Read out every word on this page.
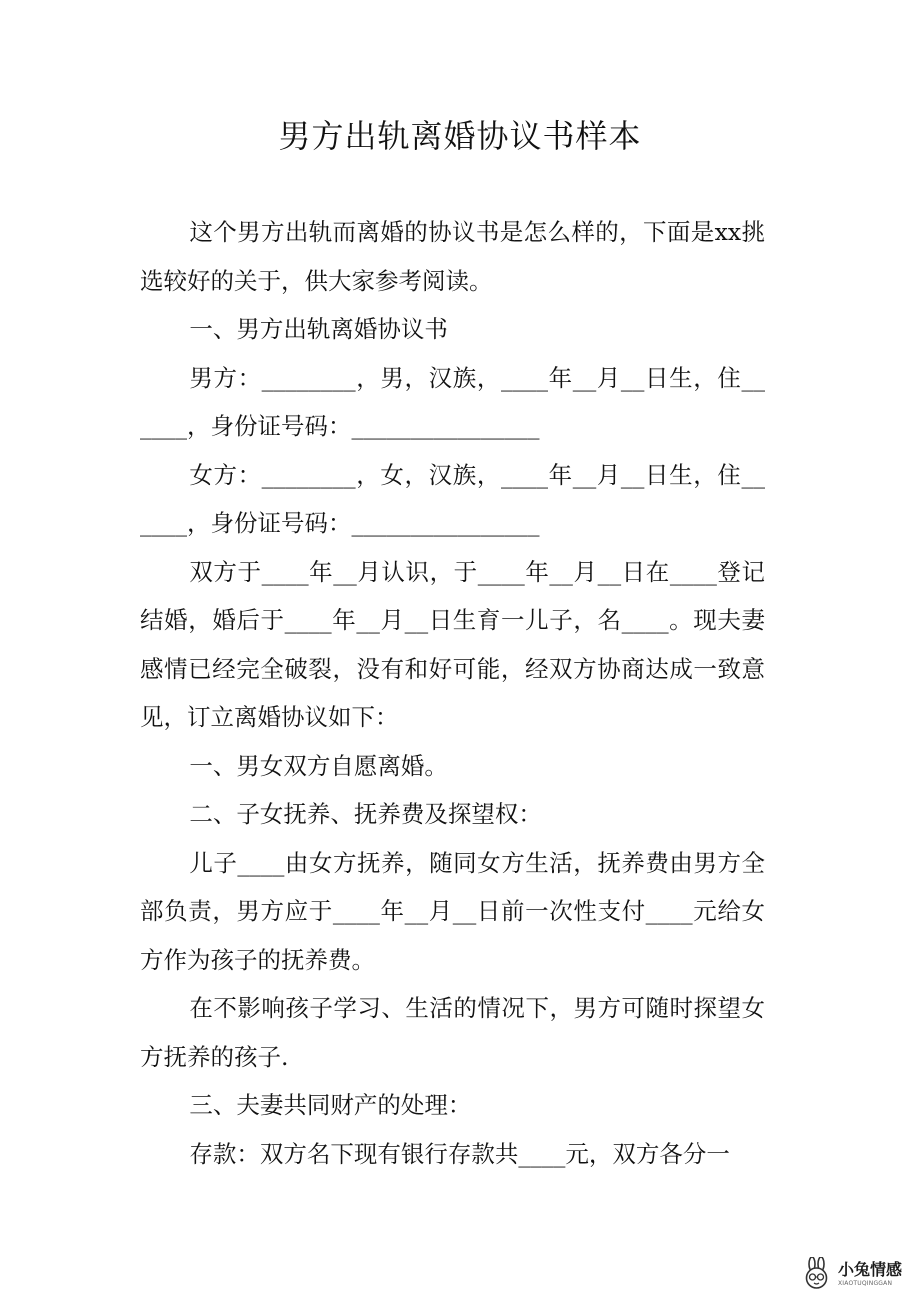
男方出轨离婚协议书样本

这个男方出轨而离婚的协议书是怎么样的，下面是xx挑选较好的关于，供大家参考阅读。

一、男方出轨离婚协议书

男方：________，男，汉族，____年__月__日生，住______，身份证号码：________________

女方：________，女，汉族，____年__月__日生，住______，身份证号码：________________

双方于____年__月认识，于____年__月__日在____登记结婚，婚后于____年__月__日生育一儿子，名____。现夫妻感情已经完全破裂，没有和好可能，经双方协商达成一致意见，订立离婚协议如下：

一、男女双方自愿离婚。

二、子女抚养、抚养费及探望权：

儿子____由女方抚养，随同女方生活，抚养费由男方全部负责，男方应于____年__月__日前一次性支付____元给女方作为孩子的抚养费。

在不影响孩子学习、生活的情况下，男方可随时探望女方抚养的孩子.

三、夫妻共同财产的处理：

存款：双方名下现有银行存款共____元，双方各分一

小兔情感
XIAOTUQINGGAN
